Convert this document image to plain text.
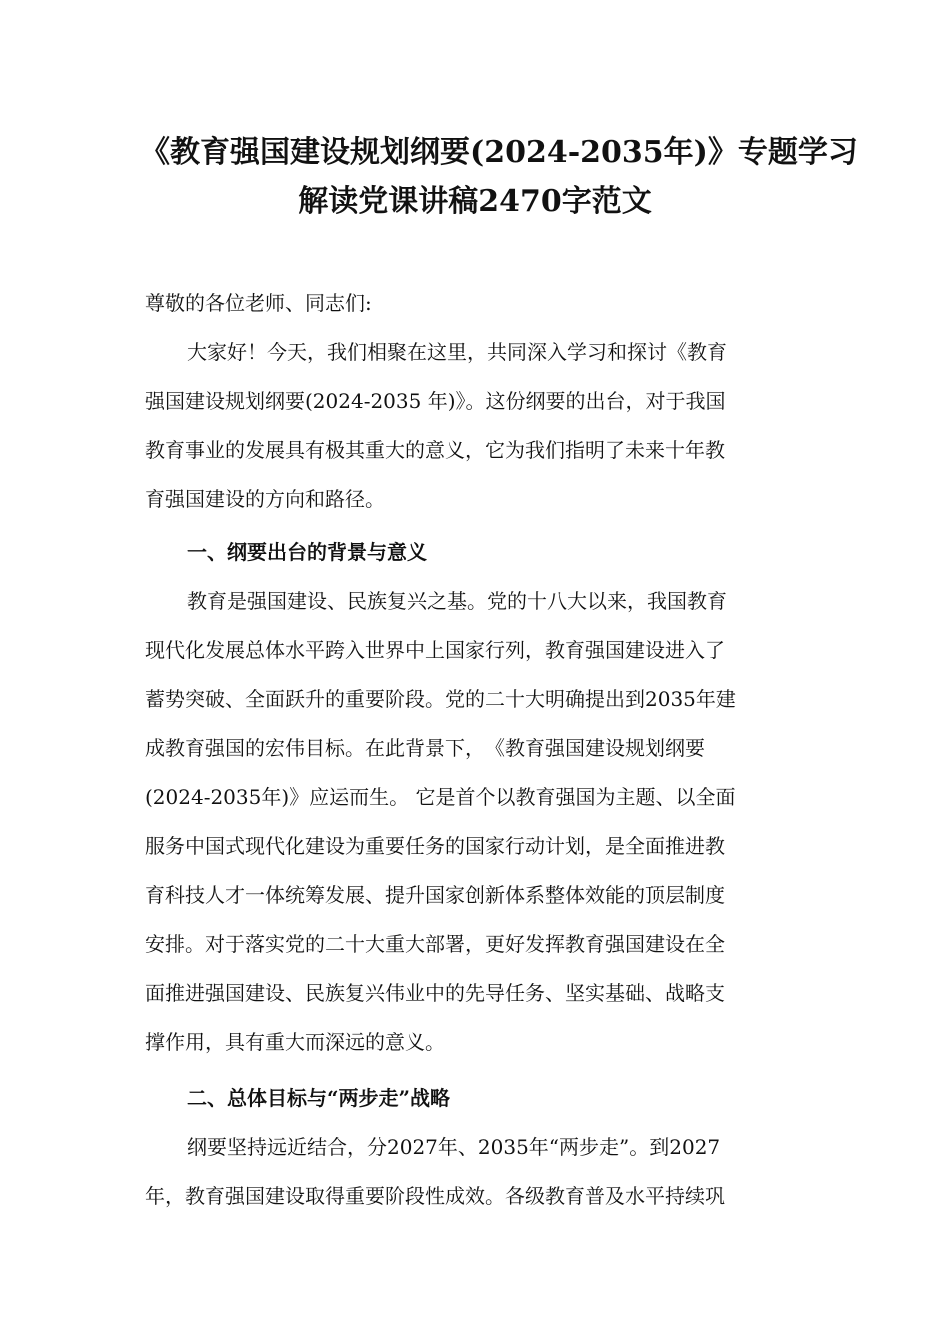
《教育强国建设规划纲要(2024-2035年)》专题学习
解读党课讲稿2470字范文

尊敬的各位老师、同志们:

大家好！今天，我们相聚在这里，共同深入学习和探讨《教育
强国建设规划纲要(2024-2035 年)》。这份纲要的出台，对于我国
教育事业的发展具有极其重大的意义，它为我们指明了未来十年教
育强国建设的方向和路径。
一、纲要出台的背景与意义
教育是强国建设、民族复兴之基。党的十八大以来，我国教育
现代化发展总体水平跨入世界中上国家行列，教育强国建设进入了
蓄势突破、全面跃升的重要阶段。党的二十大明确提出到2035年建
成教育强国的宏伟目标。在此背景下，　《教育强国建设规划纲要
(2024-2035年)》应运而生。 它是首个以教育强国为主题、以全面
服务中国式现代化建设为重要任务的国家行动计划，是全面推进教
育科技人才一体统筹发展、提升国家创新体系整体效能的顶层制度
安排。对于落实党的二十大重大部署，更好发挥教育强国建设在全
面推进强国建设、民族复兴伟业中的先导任务、坚实基础、战略支
撑作用，具有重大而深远的意义。
二、总体目标与“两步走”战略
纲要坚持远近结合，分2027年、2035年“两步走”。到2027
年，教育强国建设取得重要阶段性成效。各级教育普及水平持续巩
